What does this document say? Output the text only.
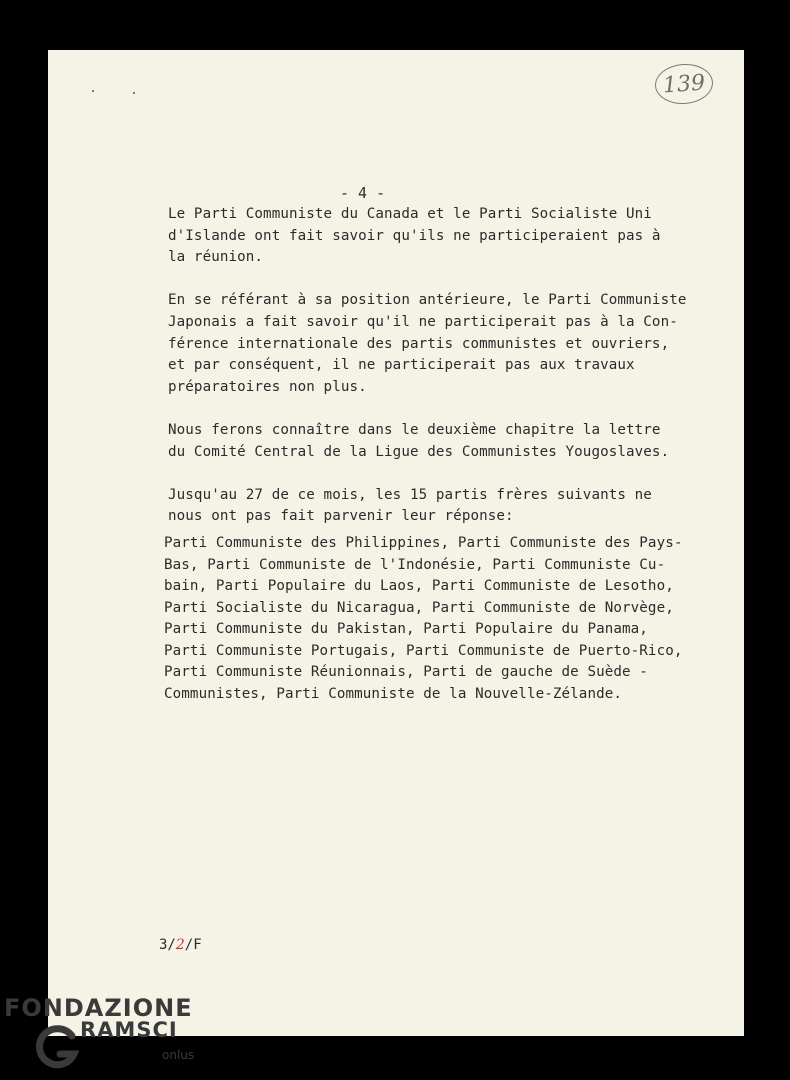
139
- 4 -

Le Parti Communiste du Canada et le Parti Socialiste Uni
d'Islande ont fait savoir qu'ils ne participeraient pas à
la réunion.

En se référant à sa position antérieure, le Parti Communiste
Japonais a fait savoir qu'il ne participerait pas à la Con-
férence internationale des partis communistes et ouvriers,
et par conséquent, il ne participerait pas aux travaux
préparatoires non plus.

Nous ferons connaître dans le deuxième chapitre la lettre
du Comité Central de la Ligue des Communistes Yougoslaves.

Jusqu'au 27 de ce mois, les 15 partis frères suivants ne
nous ont pas fait parvenir leur réponse:

Parti Communiste des Philippines, Parti Communiste des Pays-
Bas, Parti Communiste de l'Indonésie, Parti Communiste Cu-
bain, Parti Populaire du Laos, Parti Communiste de Lesotho,
Parti Socialiste du Nicaragua, Parti Communiste de Norvège,
Parti Communiste du Pakistan, Parti Populaire du Panama,
Parti Communiste Portugais, Parti Communiste de Puerto-Rico,
Parti Communiste Réunionnais, Parti de gauche de Suède -
Communistes, Parti Communiste de la Nouvelle-Zélande.

3/2/F
FONDAZIONE
RAMSCI
onlus
